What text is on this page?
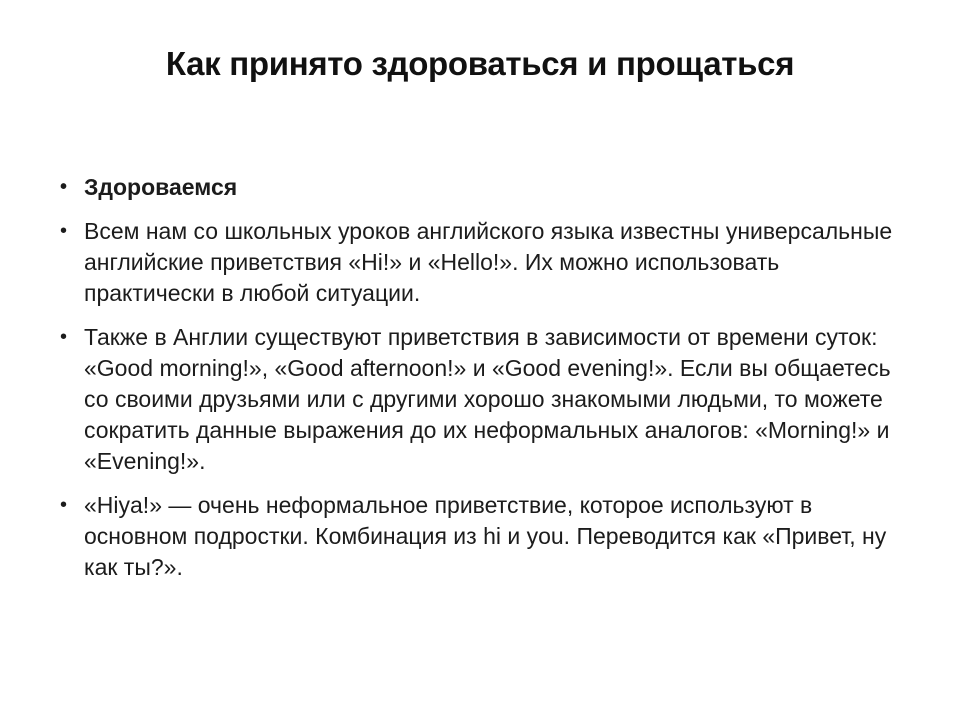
Как принято здороваться и прощаться
• Здороваемся
• Всем нам со школьных уроков английского языка известны универсальные английские приветствия «Hi!» и «Hello!». Их можно использовать практически в любой ситуации.
• Также в Англии существуют приветствия в зависимости от времени суток: «Good morning!», «Good afternoon!» и «Good evening!». Если вы общаетесь со своими друзьями или с другими хорошо знакомыми людьми, то можете сократить данные выражения до их неформальных аналогов: «Morning!» и «Evening!».
• «Hiya!» — очень неформальное приветствие, которое используют в основном подростки. Комбинация из hi и you. Переводится как «Привет, ну как ты?».
